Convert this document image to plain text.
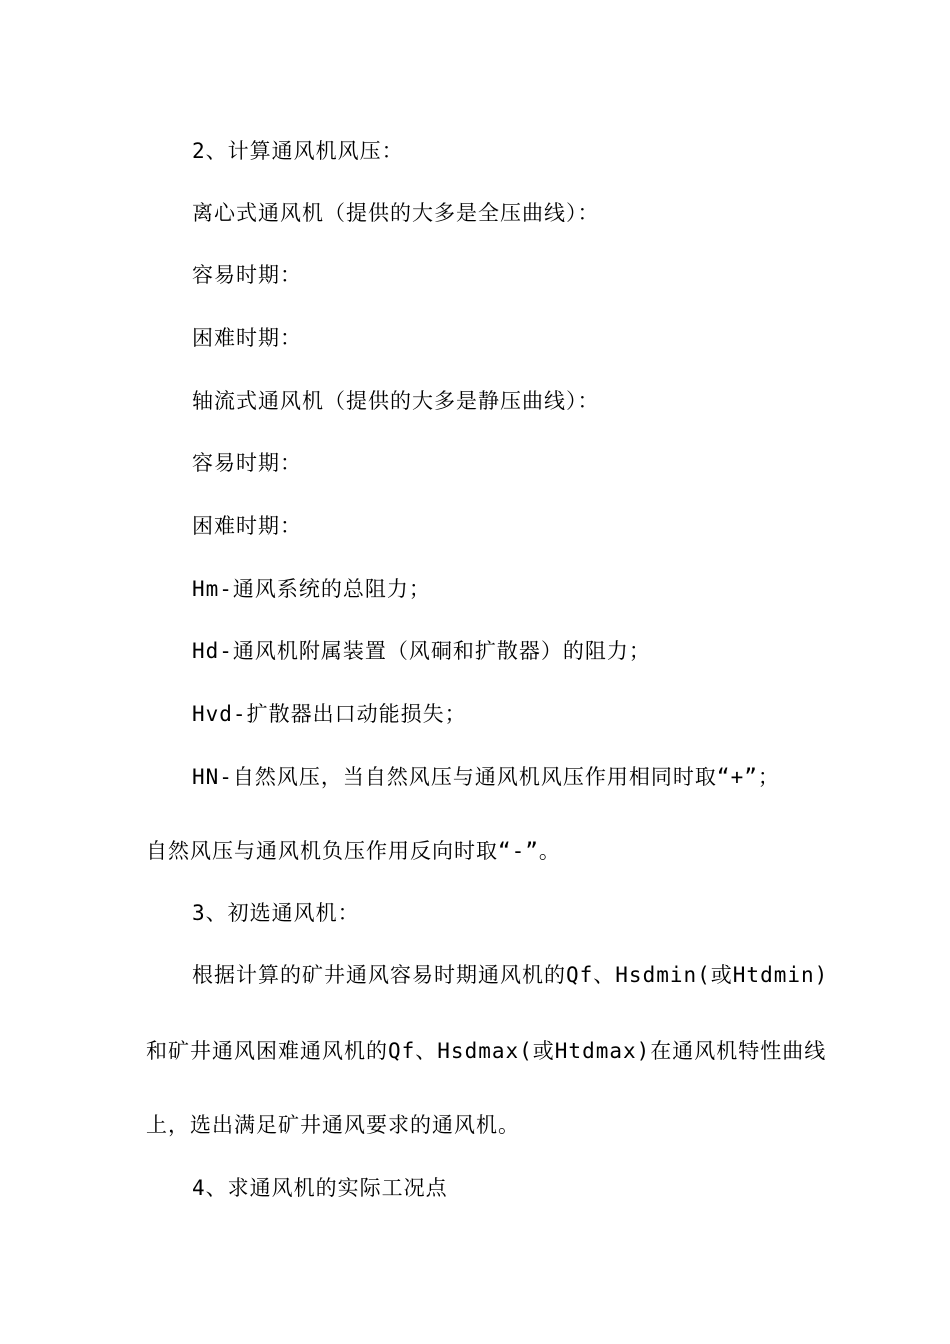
2、计算通风机风压：
离心式通风机（提供的大多是全压曲线）：
容易时期：
困难时期：
轴流式通风机（提供的大多是静压曲线）：
容易时期：
困难时期：
Hm-通风系统的总阻力；
Hd-通风机附属装置（风硐和扩散器）的阻力；
Hvd-扩散器出口动能损失；
HN-自然风压，当自然风压与通风机风压作用相同时取“+”；
自然风压与通风机负压作用反向时取“-”。
3、初选通风机：
根据计算的矿井通风容易时期通风机的Qf、Hsdmin(或Htdmin)
和矿井通风困难通风机的Qf、Hsdmax(或Htdmax)在通风机特性曲线
上，选出满足矿井通风要求的通风机。
4、求通风机的实际工况点
